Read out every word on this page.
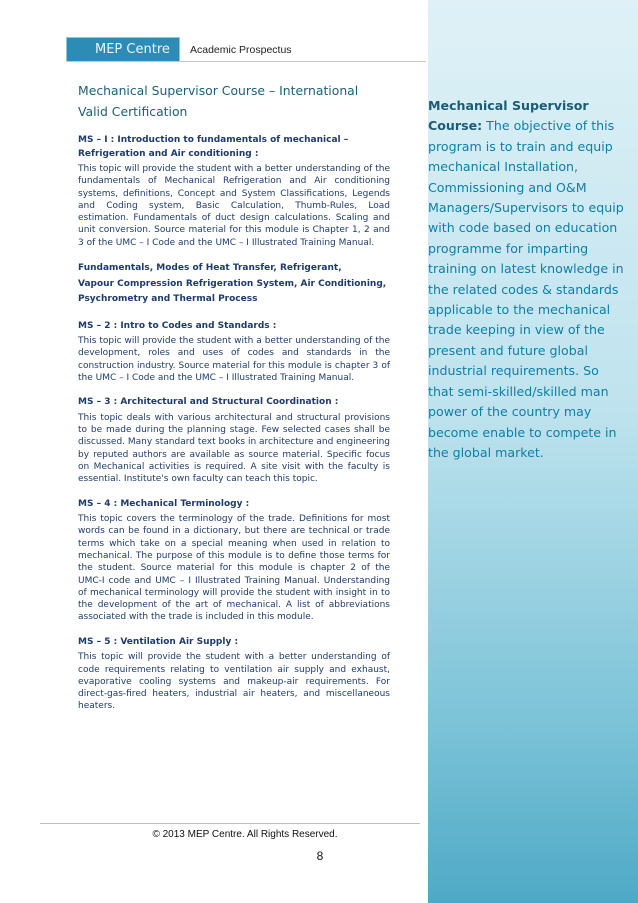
MEP Centre	Academic Prospectus
Mechanical Supervisor Course – International
Valid Certification

MS – I : Introduction to fundamentals of mechanical –
Refrigeration and Air conditioning :

This topic will provide the student with a better understanding of the fundamentals of Mechanical Refrigeration and Air conditioning systems, definitions, Concept and System Classifications, Legends and Coding system, Basic Calculation, Thumb-Rules, Load estimation. Fundamentals of duct design calculations. Scaling and unit conversion. Source material for this module is Chapter 1, 2 and 3 of the UMC – I Code and the UMC – I Illustrated Training Manual.

Fundamentals, Modes of Heat Transfer, Refrigerant,
Vapour Compression Refrigeration System, Air Conditioning,
Psychrometry and Thermal Process

MS – 2 : Intro to Codes and Standards :

This topic will provide the student with a better understanding of the development, roles and uses of codes and standards in the construction industry. Source material for this module is chapter 3 of the UMC – I Code and the UMC – I Illustrated Training Manual.

MS – 3 : Architectural and Structural Coordination :

This topic deals with various architectural and structural provisions to be made during the planning stage. Few selected cases shall be discussed. Many standard text books in architecture and engineering by reputed authors are available as source material. Specific focus on Mechanical activities is required. A site visit with the faculty is essential. Institute's own faculty can teach this topic.

MS – 4 : Mechanical Terminology :

This topic covers the terminology of the trade. Definitions for most words can be found in a dictionary, but there are technical or trade terms which take on a special meaning when used in relation to mechanical. The purpose of this module is to define those terms for the student. Source material for this module is chapter 2 of the UMC-I code and UMC – I Illustrated Training Manual. Understanding of mechanical terminology will provide the student with insight in to the development of the art of mechanical. A list of abbreviations associated with the trade is included in this module.

MS – 5 : Ventilation Air Supply :

This topic will provide the student with a better understanding of code requirements relating to ventilation air supply and exhaust, evaporative cooling systems and makeup-air requirements. For direct-gas-fired heaters, industrial air heaters, and miscellaneous heaters.

Mechanical Supervisor Course: The objective of this program is to train and equip mechanical Installation, Commissioning and O&M Managers/Supervisors to equip with code based on education programme for imparting training on latest knowledge in the related codes & standards applicable to the mechanical trade keeping in view of the present and future global industrial requirements. So that semi-skilled/skilled man power of the country may become enable to compete in the global market.
© 2013 MEP Centre. All Rights Reserved.
8
